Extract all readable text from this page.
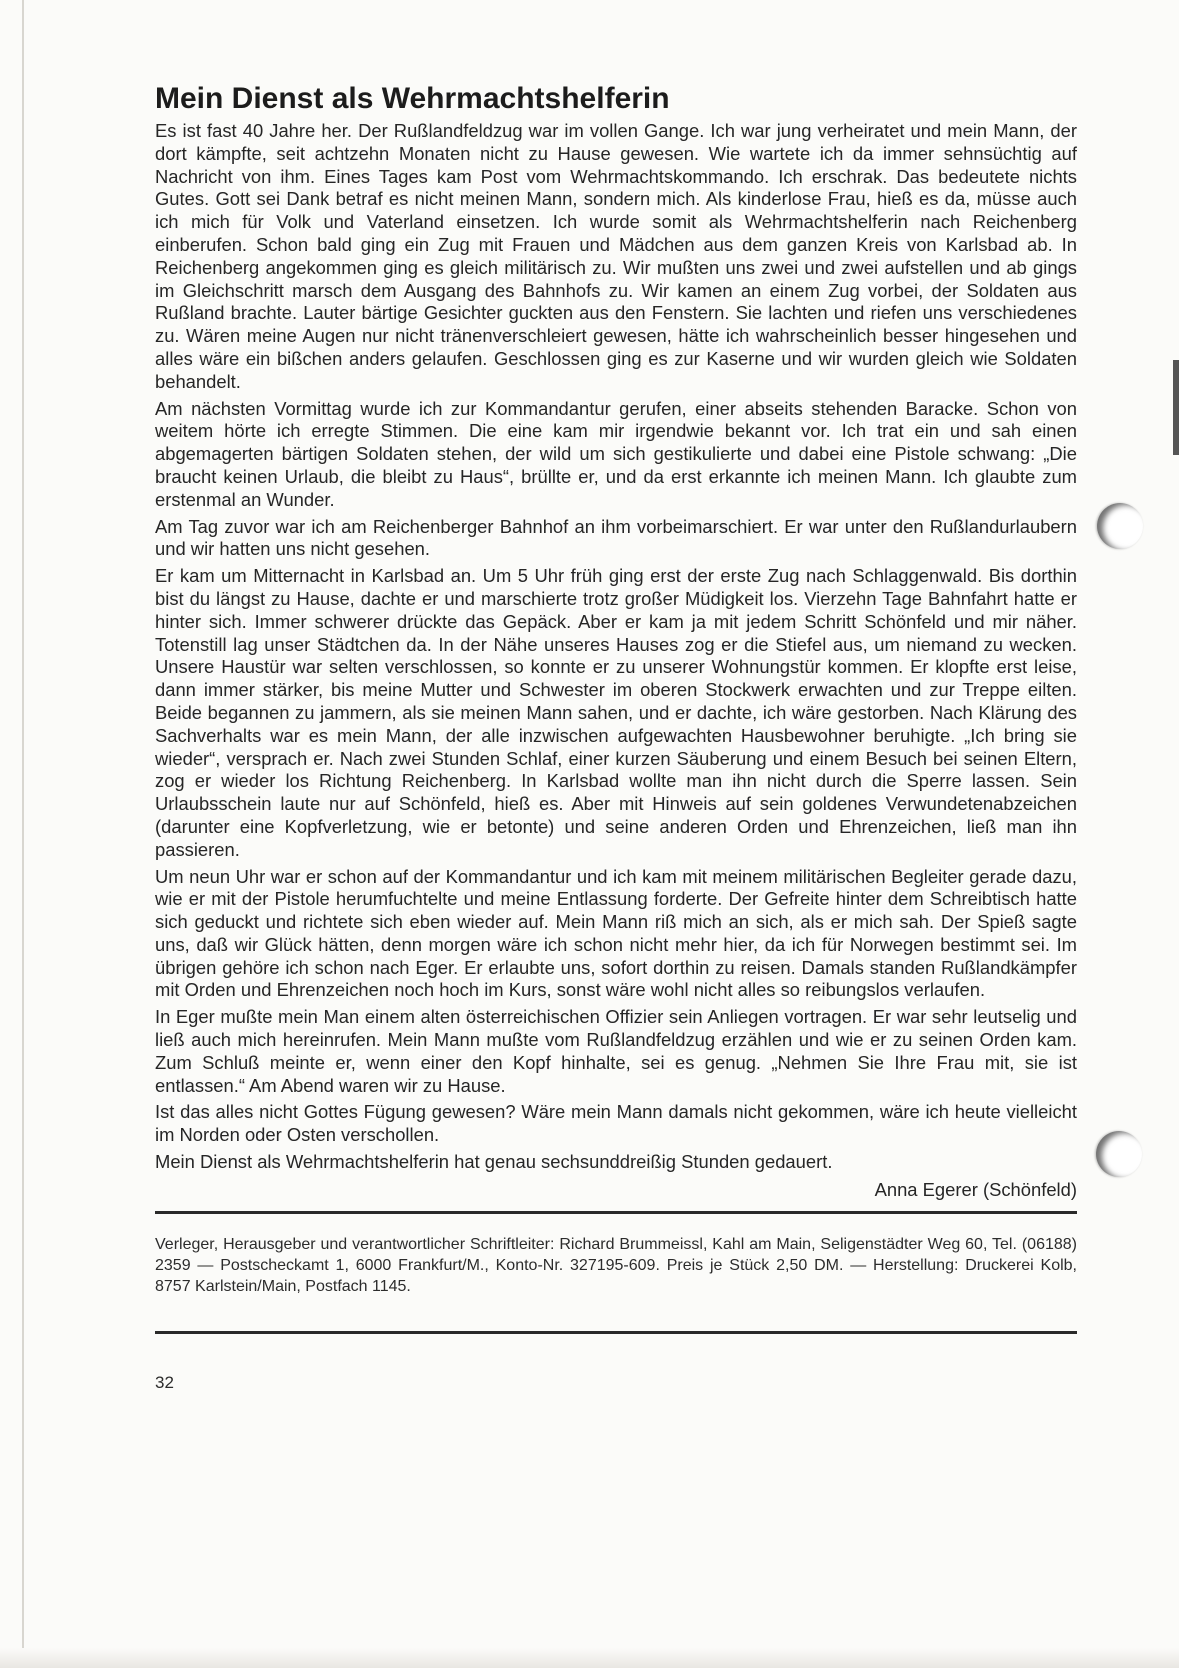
Mein Dienst als Wehrmachtshelferin

Es ist fast 40 Jahre her. Der Rußlandfeldzug war im vollen Gange. Ich war jung verheiratet und mein Mann, der dort kämpfte, seit achtzehn Monaten nicht zu Hause gewesen. Wie wartete ich da immer sehnsüchtig auf Nachricht von ihm. Eines Tages kam Post vom Wehrmachtskommando. Ich erschrak. Das bedeutete nichts Gutes. Gott sei Dank betraf es nicht meinen Mann, sondern mich. Als kinderlose Frau, hieß es da, müsse auch ich mich für Volk und Vaterland einsetzen. Ich wurde somit als Wehrmachtshelferin nach Reichenberg einberufen. Schon bald ging ein Zug mit Frauen und Mädchen aus dem ganzen Kreis von Karlsbad ab. In Reichenberg angekommen ging es gleich militärisch zu. Wir mußten uns zwei und zwei aufstellen und ab gings im Gleichschritt marsch dem Ausgang des Bahnhofs zu. Wir kamen an einem Zug vorbei, der Soldaten aus Rußland brachte. Lauter bärtige Gesichter guckten aus den Fenstern. Sie lachten und riefen uns verschiedenes zu. Wären meine Augen nur nicht tränenverschleiert gewesen, hätte ich wahrscheinlich besser hingesehen und alles wäre ein bißchen anders gelaufen. Geschlossen ging es zur Kaserne und wir wurden gleich wie Soldaten behandelt.

Am nächsten Vormittag wurde ich zur Kommandantur gerufen, einer abseits stehenden Baracke. Schon von weitem hörte ich erregte Stimmen. Die eine kam mir irgendwie bekannt vor. Ich trat ein und sah einen abgemagerten bärtigen Soldaten stehen, der wild um sich gestikulierte und dabei eine Pistole schwang: „Die braucht keinen Urlaub, die bleibt zu Haus“, brüllte er, und da erst erkannte ich meinen Mann. Ich glaubte zum erstenmal an Wunder.

Am Tag zuvor war ich am Reichenberger Bahnhof an ihm vorbeimarschiert. Er war unter den Rußlandurlaubern und wir hatten uns nicht gesehen.

Er kam um Mitternacht in Karlsbad an. Um 5 Uhr früh ging erst der erste Zug nach Schlaggenwald. Bis dorthin bist du längst zu Hause, dachte er und marschierte trotz großer Müdigkeit los. Vierzehn Tage Bahnfahrt hatte er hinter sich. Immer schwerer drückte das Gepäck. Aber er kam ja mit jedem Schritt Schönfeld und mir näher. Totenstill lag unser Städtchen da. In der Nähe unseres Hauses zog er die Stiefel aus, um niemand zu wecken. Unsere Haustür war selten verschlossen, so konnte er zu unserer Wohnungstür kommen. Er klopfte erst leise, dann immer stärker, bis meine Mutter und Schwester im oberen Stockwerk erwachten und zur Treppe eilten. Beide begannen zu jammern, als sie meinen Mann sahen, und er dachte, ich wäre gestorben. Nach Klärung des Sachverhalts war es mein Mann, der alle inzwischen aufgewachten Hausbewohner beruhigte. „Ich bring sie wieder“, versprach er. Nach zwei Stunden Schlaf, einer kurzen Säuberung und einem Besuch bei seinen Eltern, zog er wieder los Richtung Reichenberg. In Karlsbad wollte man ihn nicht durch die Sperre lassen. Sein Urlaubsschein laute nur auf Schönfeld, hieß es. Aber mit Hinweis auf sein goldenes Verwundetenabzeichen (darunter eine Kopfverletzung, wie er betonte) und seine anderen Orden und Ehrenzeichen, ließ man ihn passieren.

Um neun Uhr war er schon auf der Kommandantur und ich kam mit meinem militärischen Begleiter gerade dazu, wie er mit der Pistole herumfuchtelte und meine Entlassung forderte. Der Gefreite hinter dem Schreibtisch hatte sich geduckt und richtete sich eben wieder auf. Mein Mann riß mich an sich, als er mich sah. Der Spieß sagte uns, daß wir Glück hätten, denn morgen wäre ich schon nicht mehr hier, da ich für Norwegen bestimmt sei. Im übrigen gehöre ich schon nach Eger. Er erlaubte uns, sofort dorthin zu reisen. Damals standen Rußlandkämpfer mit Orden und Ehrenzeichen noch hoch im Kurs, sonst wäre wohl nicht alles so reibungslos verlaufen.

In Eger mußte mein Man einem alten österreichischen Offizier sein Anliegen vortragen. Er war sehr leutselig und ließ auch mich hereinrufen. Mein Mann mußte vom Rußlandfeldzug erzählen und wie er zu seinen Orden kam. Zum Schluß meinte er, wenn einer den Kopf hinhalte, sei es genug. „Nehmen Sie Ihre Frau mit, sie ist entlassen.“ Am Abend waren wir zu Hause.

Ist das alles nicht Gottes Fügung gewesen? Wäre mein Mann damals nicht gekommen, wäre ich heute vielleicht im Norden oder Osten verschollen.

Mein Dienst als Wehrmachtshelferin hat genau sechsunddreißig Stunden gedauert.

Anna Egerer (Schönfeld)

Verleger, Herausgeber und verantwortlicher Schriftleiter: Richard Brummeissl, Kahl am Main, Seligenstädter Weg 60, Tel. (06188) 2359 — Postscheckamt 1, 6000 Frankfurt/M., Konto-Nr. 327195-609. Preis je Stück 2,50 DM. — Herstellung: Druckerei Kolb, 8757 Karlstein/Main, Postfach 1145.

32
